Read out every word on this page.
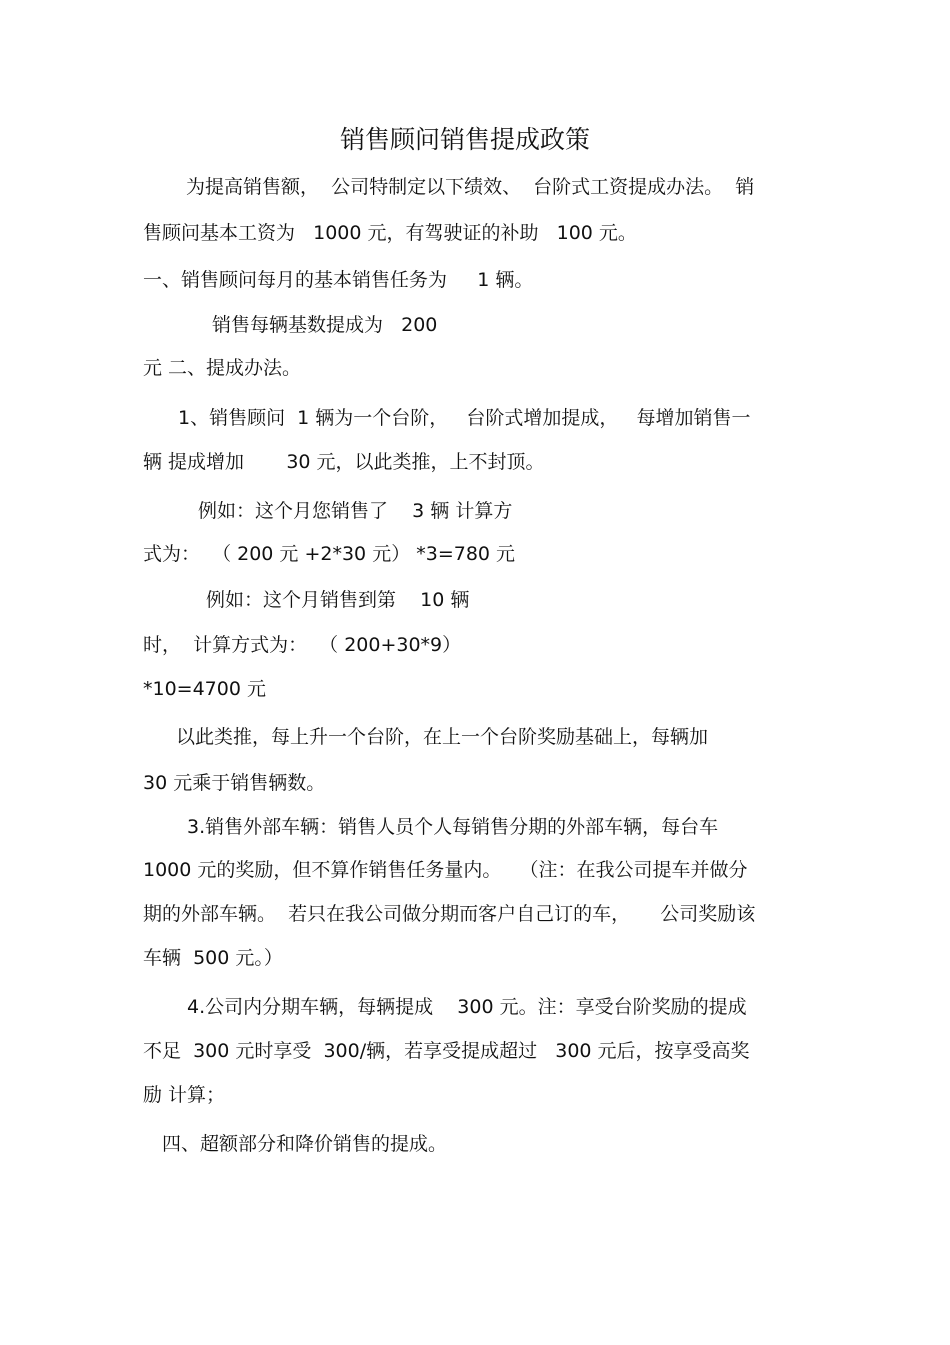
销售顾问销售提成政策
为提高销售额，  公司特制定以下绩效、  台阶式工资提成办法。  销
售顾问基本工资为   1000 元，有驾驶证的补助   100 元。
一、销售顾问每月的基本销售任务为     1 辆。
销售每辆基数提成为   200
元 二、提成办法。
1、销售顾问  1 辆为一个台阶，   台阶式增加提成，   每增加销售一
辆 提成增加       30 元，以此类推，上不封顶。
例如：这个月您销售了    3 辆 计算方
式为：  （ 200 元 +2*30 元） *3=780 元
例如：这个月销售到第    10 辆
时，  计算方式为：  （ 200+30*9）
*10=4700 元
以此类推，每上升一个台阶，在上一个台阶奖励基础上，每辆加
30 元乘于销售辆数。
3.销售外部车辆：销售人员个人每销售分期的外部车辆，每台车
1000 元的奖励，但不算作销售任务量内。   （注：在我公司提车并做分
期的外部车辆。  若只在我公司做分期而客户自己订的车，     公司奖励该
车辆  500 元。）
4.公司内分期车辆，每辆提成    300 元。注：享受台阶奖励的提成
不足  300 元时享受  300/辆，若享受提成超过   300 元后，按享受高奖
励 计算；
四、超额部分和降价销售的提成。
